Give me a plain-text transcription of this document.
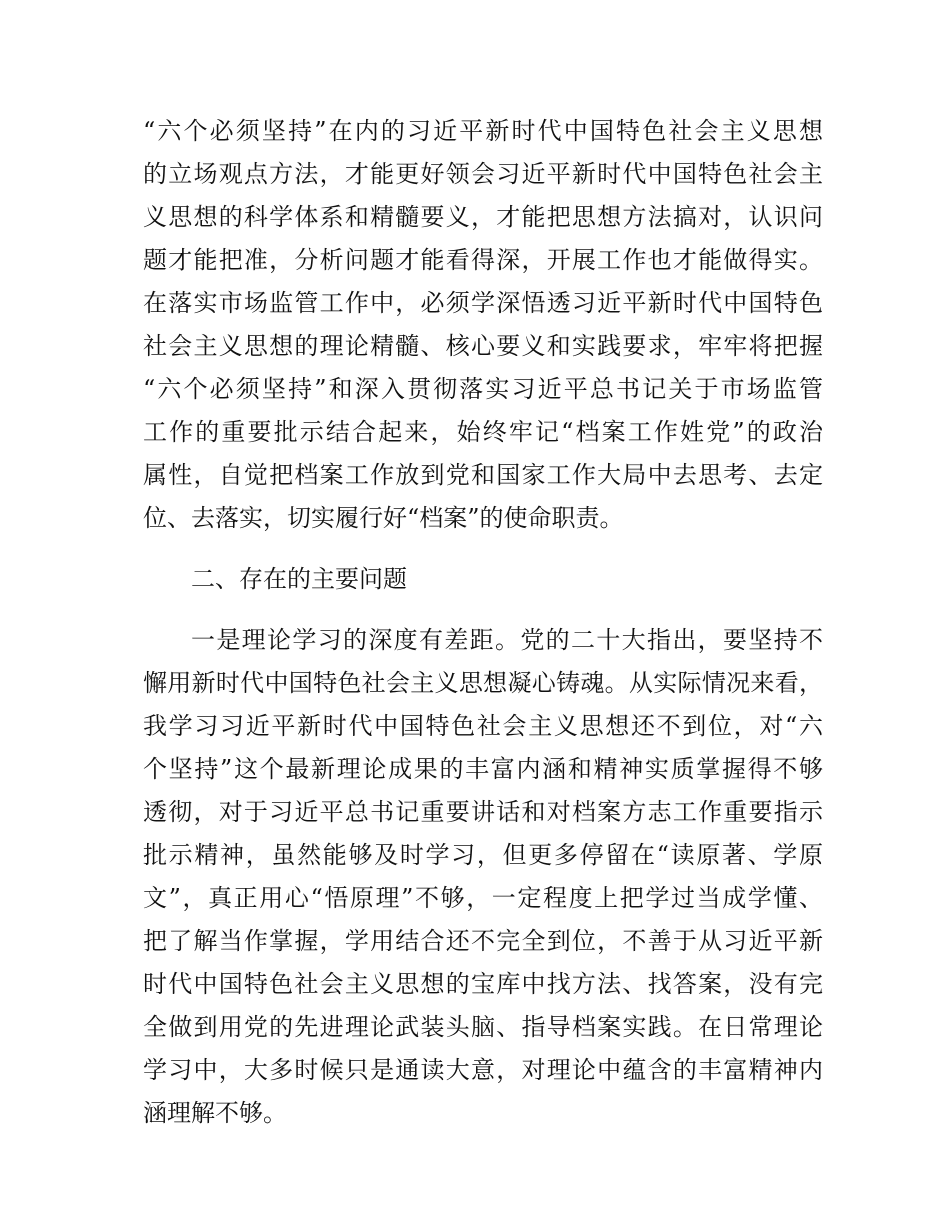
“六个必须坚持”在内的习近平新时代中国特色社会主义思想
的立场观点方法，才能更好领会习近平新时代中国特色社会主
义思想的科学体系和精髓要义，才能把思想方法搞对，认识问
题才能把准，分析问题才能看得深，开展工作也才能做得实。
在落实市场监管工作中，必须学深悟透习近平新时代中国特色
社会主义思想的理论精髓、核心要义和实践要求，牢牢将把握
“六个必须坚持”和深入贯彻落实习近平总书记关于市场监管
工作的重要批示结合起来，始终牢记“档案工作姓党”的政治
属性，自觉把档案工作放到党和国家工作大局中去思考、去定
位、去落实，切实履行好“档案”的使命职责。
二、存在的主要问题
一是理论学习的深度有差距。党的二十大指出，要坚持不
懈用新时代中国特色社会主义思想凝心铸魂。从实际情况来看，
我学习习近平新时代中国特色社会主义思想还不到位，对“六
个坚持”这个最新理论成果的丰富内涵和精神实质掌握得不够
透彻，对于习近平总书记重要讲话和对档案方志工作重要指示
批示精神，虽然能够及时学习，但更多停留在“读原著、学原
文”，真正用心“悟原理”不够，一定程度上把学过当成学懂、
把了解当作掌握，学用结合还不完全到位，不善于从习近平新
时代中国特色社会主义思想的宝库中找方法、找答案，没有完
全做到用党的先进理论武装头脑、指导档案实践。在日常理论
学习中，大多时候只是通读大意，对理论中蕴含的丰富精神内
涵理解不够。
